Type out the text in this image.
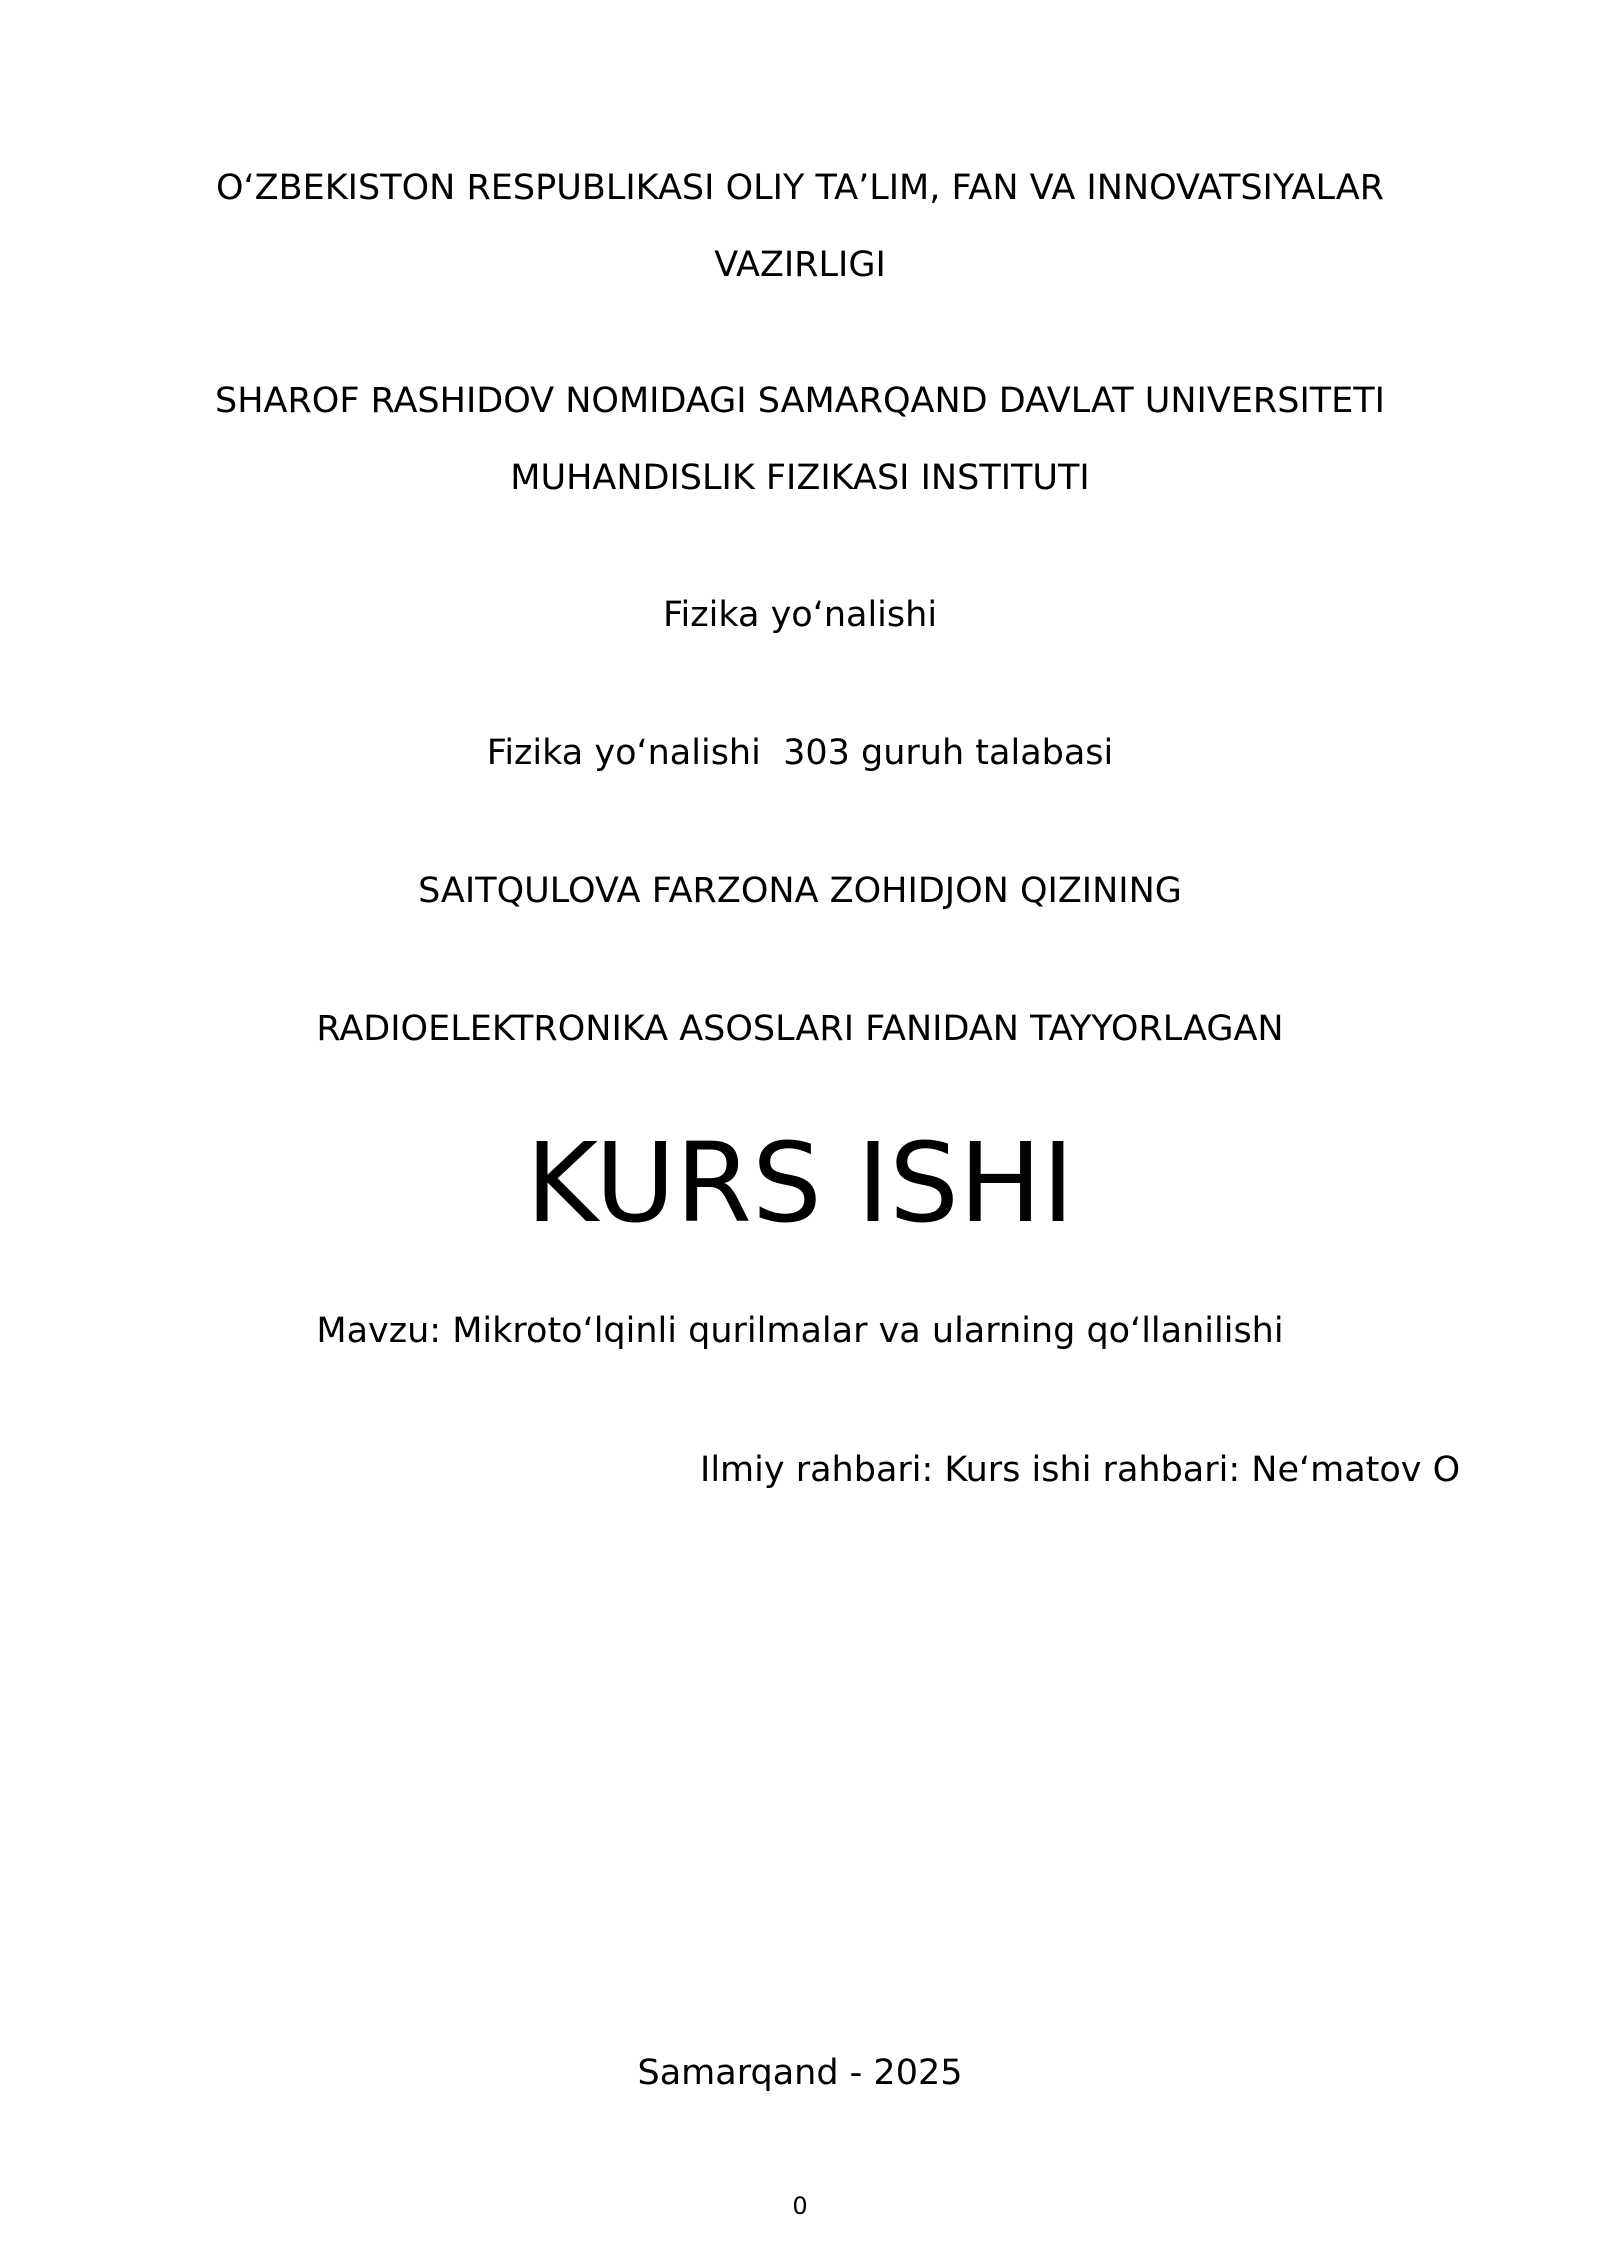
O‘ZBEKISTON RESPUBLIKASI OLIY TA’LIM, FAN VA INNOVATSIYALAR
VAZIRLIGI
SHAROF RASHIDOV NOMIDAGI SAMARQAND DAVLAT UNIVERSITETI
MUHANDISLIK FIZIKASI INSTITUTI
Fizika yo‘nalishi
Fizika yo‘nalishi  303 guruh talabasi
SAITQULOVA FARZONA ZOHIDJON QIZINING
RADIOELEKTRONIKA ASOSLARI FANIDAN TAYYORLAGAN
KURS ISHI
Mavzu: Mikroto‘lqinli qurilmalar va ularning qo‘llanilishi
Ilmiy rahbari: Kurs ishi rahbari: Ne‘matov O
Samarqand - 2025
0
